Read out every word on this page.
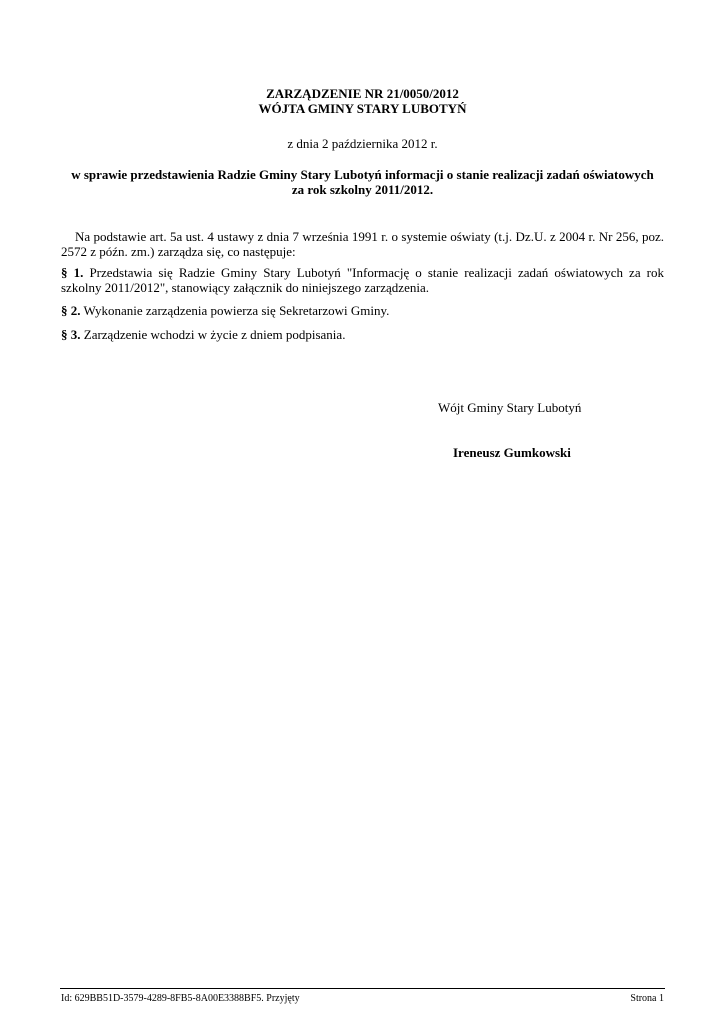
ZARZĄDZENIE NR 21/0050/2012
WÓJTA GMINY STARY LUBOTYŃ
z dnia 2 października 2012 r.
w sprawie przedstawienia Radzie Gminy Stary Lubotyń informacji o stanie realizacji zadań oświatowych
za rok szkolny 2011/2012.
Na podstawie art. 5a ust. 4 ustawy z dnia 7 września 1991 r. o systemie oświaty (t.j. Dz.U. z 2004 r. Nr 256, poz. 2572 z późn. zm.) zarządza się, co następuje:
§ 1. Przedstawia się Radzie Gminy Stary Lubotyń "Informację o stanie realizacji zadań oświatowych za rok szkolny 2011/2012", stanowiący załącznik do niniejszego zarządzenia.
§ 2. Wykonanie zarządzenia powierza się Sekretarzowi Gminy.
§ 3. Zarządzenie wchodzi w życie z dniem podpisania.
Wójt Gminy Stary Lubotyń
Ireneusz Gumkowski
Id: 629BB51D-3579-4289-8FB5-8A00E3388BF5. Przyjęty	Strona 1
